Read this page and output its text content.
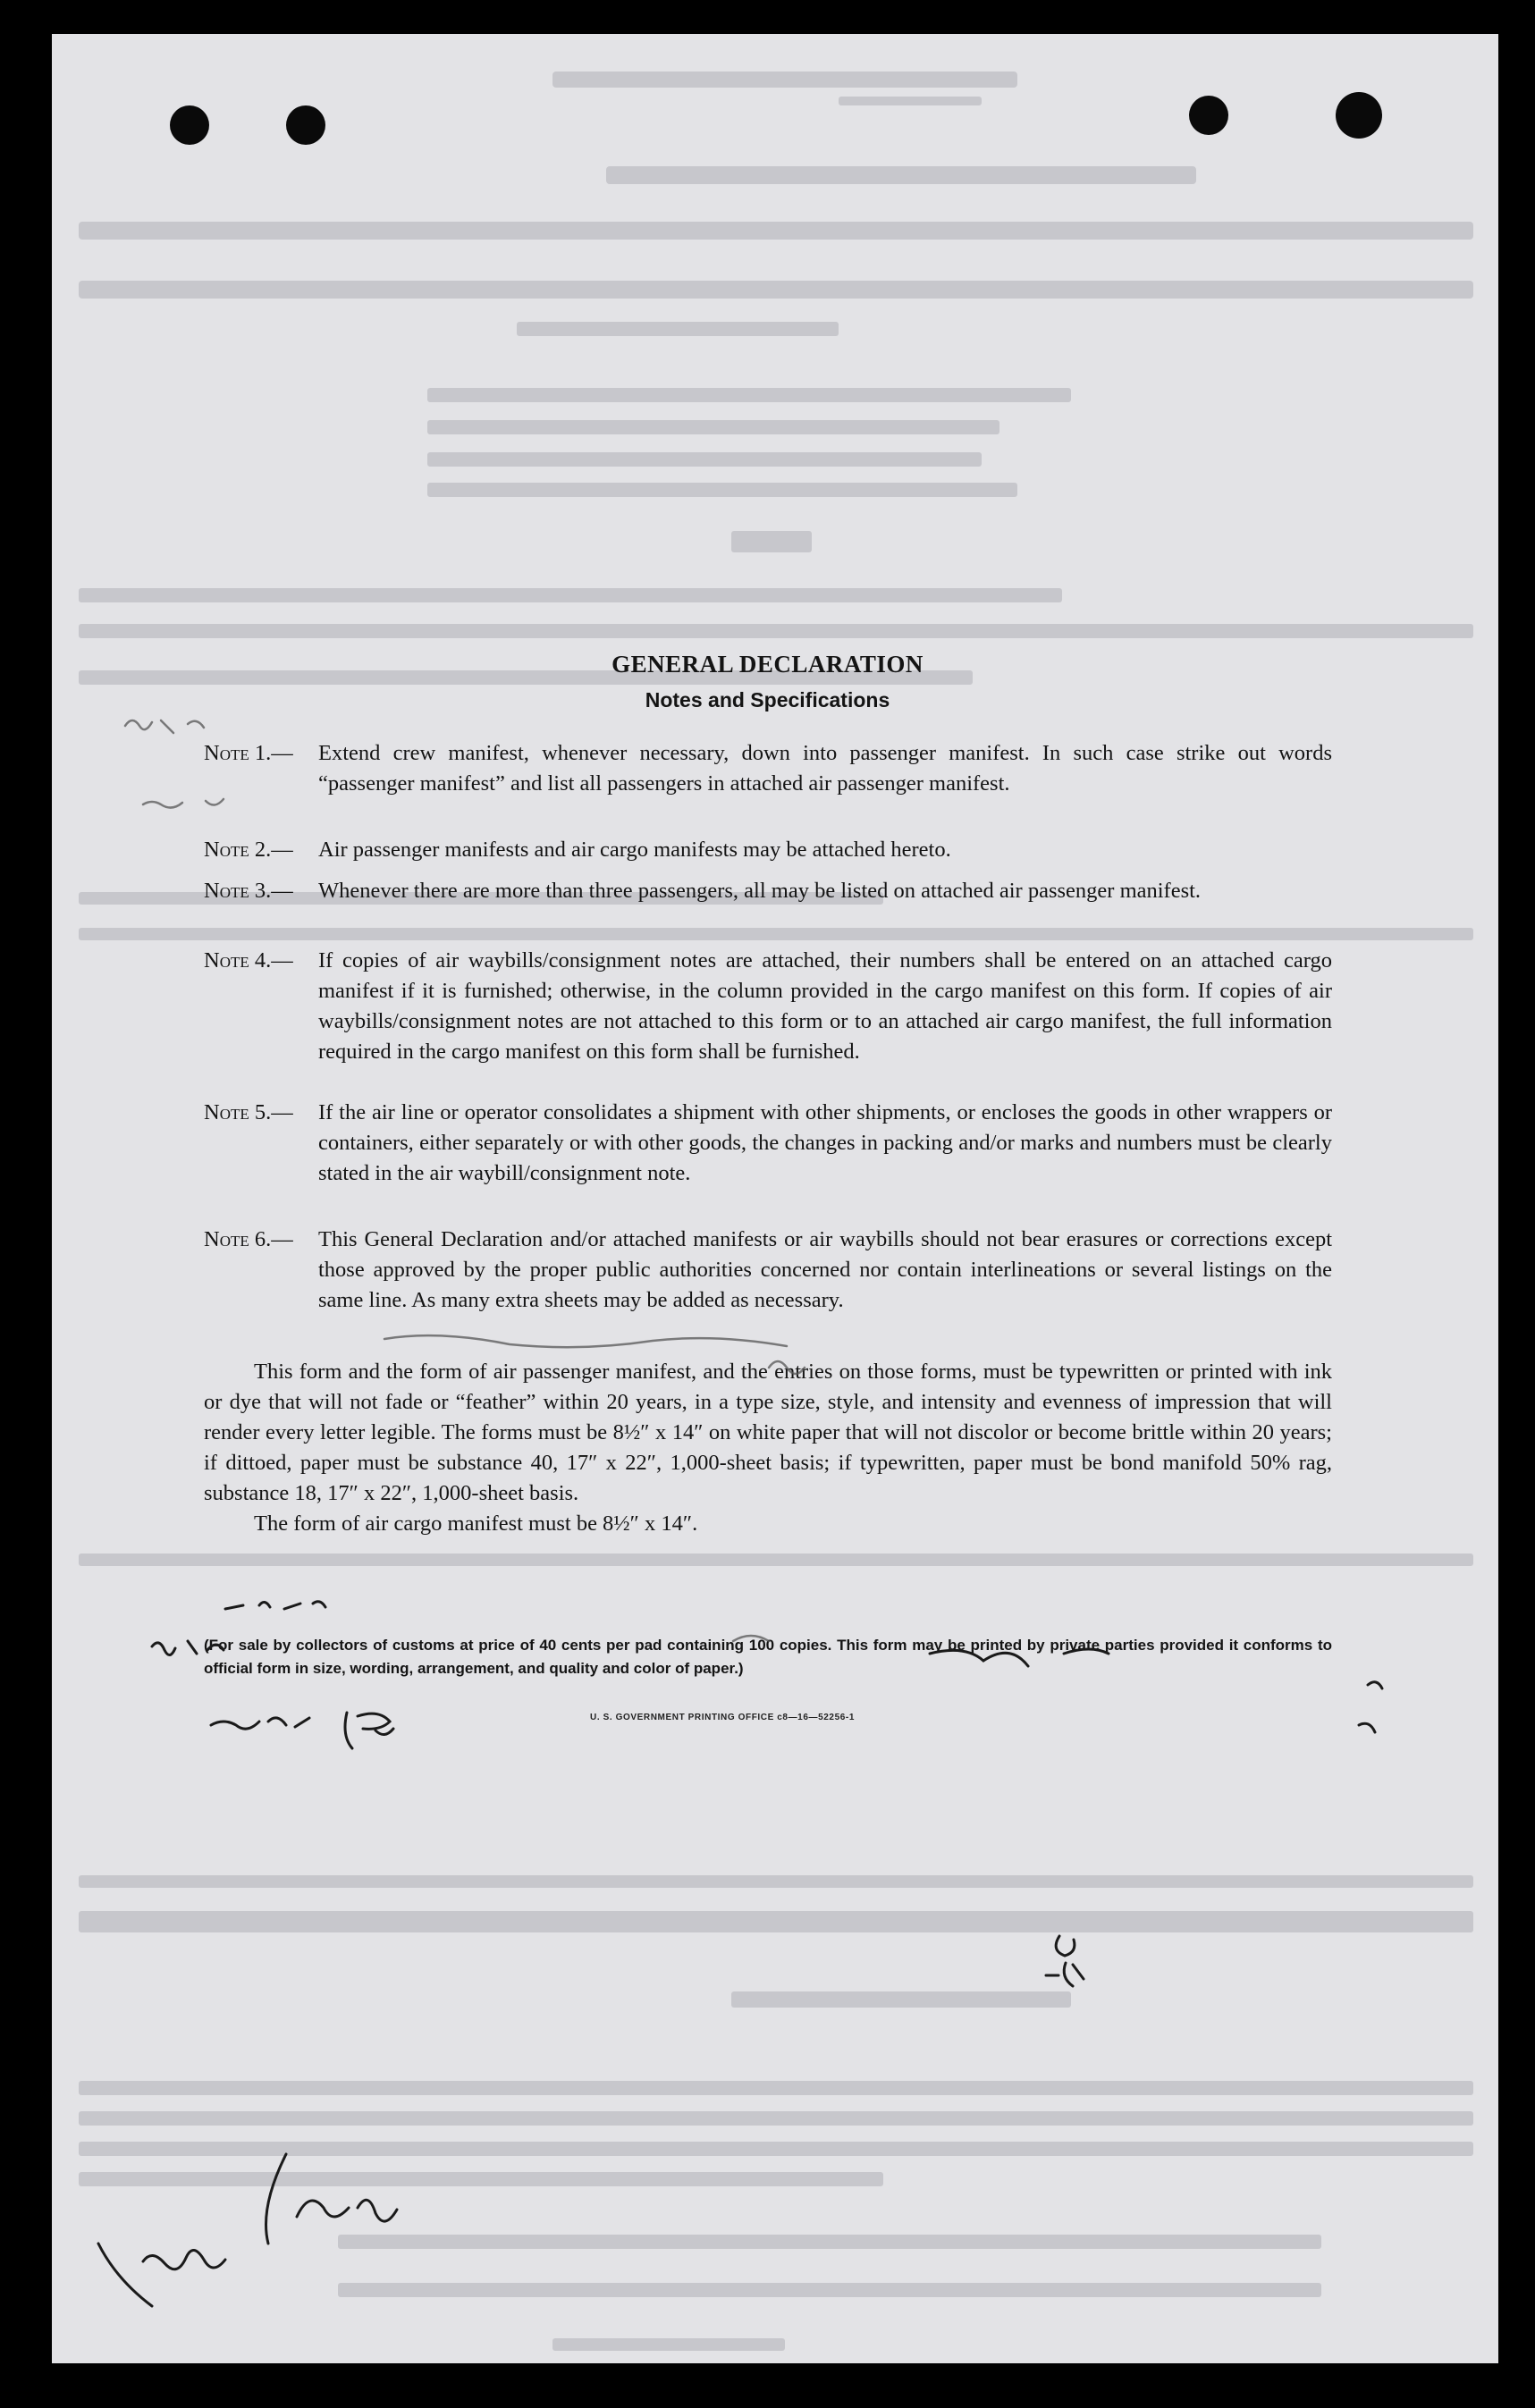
GENERAL DECLARATION
Notes and Specifications
Note 1.— Extend crew manifest, whenever necessary, down into passenger manifest. In such case strike out words “passenger manifest” and list all passengers in attached air passenger manifest.
Note 2.— Air passenger manifests and air cargo manifests may be attached hereto.
Note 3.— Whenever there are more than three passengers, all may be listed on attached air passenger manifest.
Note 4.— If copies of air waybills/consignment notes are attached, their numbers shall be entered on an attached cargo manifest if it is furnished; otherwise, in the column provided in the cargo manifest on this form. If copies of air waybills/consignment notes are not attached to this form or to an attached air cargo manifest, the full information required in the cargo manifest on this form shall be furnished.
Note 5.— If the air line or operator consolidates a shipment with other shipments, or encloses the goods in other wrappers or containers, either separately or with other goods, the changes in packing and/or marks and numbers must be clearly stated in the air waybill/consignment note.
Note 6.— This General Declaration and/or attached manifests or air waybills should not bear erasures or corrections except those approved by the proper public authorities concerned nor contain interlineations or several listings on the same line. As many extra sheets may be added as necessary.
This form and the form of air passenger manifest, and the entries on those forms, must be typewritten or printed with ink or dye that will not fade or “feather” within 20 years, in a type size, style, and intensity and evenness of impression that will render every letter legible. The forms must be 8½″ x 14″ on white paper that will not discolor or become brittle within 20 years; if dittoed, paper must be substance 40, 17″ x 22″, 1,000-sheet basis; if typewritten, paper must be bond manifold 50% rag, substance 18, 17″ x 22″, 1,000-sheet basis.
The form of air cargo manifest must be 8½″ x 14″.
(For sale by collectors of customs at price of 40 cents per pad containing 100 copies. This form may be printed by private parties provided it conforms to official form in size, wording, arrangement, and quality and color of paper.)
U. S. GOVERNMENT PRINTING OFFICE c8—16—52256-1
